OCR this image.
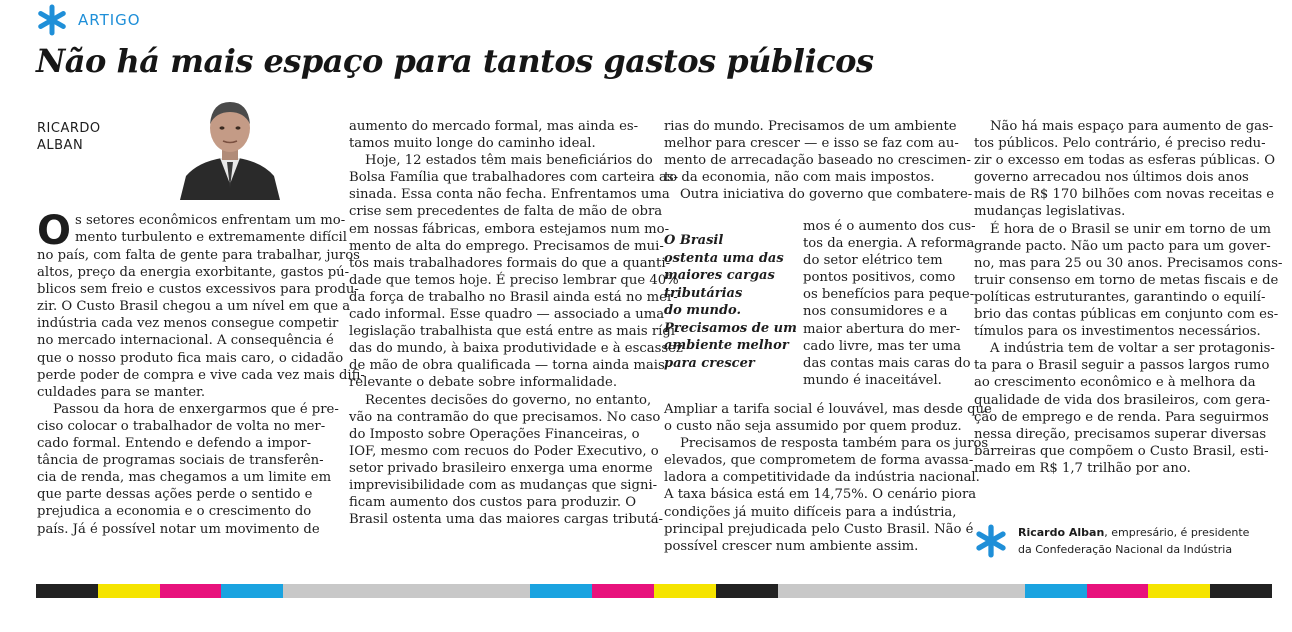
ARTIGO
Não há mais espaço para tantos gastos públicos
RICARDO
ALBAN
O s setores econômicos enfrentam um mo-
mento turbulento e extremamente difícil
no país, com falta de gente para trabalhar, juros
altos, preço da energia exorbitante, gastos pú-
blicos sem freio e custos excessivos para produ-
zir. O Custo Brasil chegou a um nível em que a
indústria cada vez menos consegue competir
no mercado internacional. A consequência é
que o nosso produto fica mais caro, o cidadão
perde poder de compra e vive cada vez mais difi-
culdades para se manter.
Passou da hora de enxergarmos que é pre-
ciso colocar o trabalhador de volta no mer-
cado formal. Entendo e defendo a impor-
tância de programas sociais de transferên-
cia de renda, mas chegamos a um limite em
que parte dessas ações perde o sentido e
prejudica a economia e o crescimento do
país. Já é possível notar um movimento de
aumento do mercado formal, mas ainda es-
tamos muito longe do caminho ideal.
Hoje, 12 estados têm mais beneficiários do
Bolsa Família que trabalhadores com carteira as-
sinada. Essa conta não fecha. Enfrentamos uma
crise sem precedentes de falta de mão de obra
em nossas fábricas, embora estejamos num mo-
mento de alta do emprego. Precisamos de mui-
tos mais trabalhadores formais do que a quanti-
dade que temos hoje. É preciso lembrar que 40%
da força de trabalho no Brasil ainda está no mer-
cado informal. Esse quadro — associado a uma
legislação trabalhista que está entre as mais rígi-
das do mundo, à baixa produtividade e à escassez
de mão de obra qualificada — torna ainda mais
relevante o debate sobre informalidade.
Recentes decisões do governo, no entanto,
vão na contramão do que precisamos. No caso
do Imposto sobre Operações Financeiras, o
IOF, mesmo com recuos do Poder Executivo, o
setor privado brasileiro enxerga uma enorme
imprevisibilidade com as mudanças que signi-
ficam aumento dos custos para produzir. O
Brasil ostenta uma das maiores cargas tributá-
rias do mundo. Precisamos de um ambiente
melhor para crescer — e isso se faz com au-
mento de arrecadação baseado no crescimen-
to da economia, não com mais impostos.
Outra iniciativa do governo que combatere-
O Brasil
ostenta uma das
maiores cargas
tributárias
do mundo.
Precisamos de um
ambiente melhor
para crescer
mos é o aumento dos cus-
tos da energia. A reforma
do setor elétrico tem
pontos positivos, como
os benefícios para peque-
nos consumidores e a
maior abertura do mer-
cado livre, mas ter uma
das contas mais caras do
mundo é inaceitável.
Ampliar a tarifa social é louvável, mas desde que
o custo não seja assumido por quem produz.
Precisamos de resposta também para os juros
elevados, que comprometem de forma avassa-
ladora a competitividade da indústria nacional.
A taxa básica está em 14,75%. O cenário piora
condições já muito difíceis para a indústria,
principal prejudicada pelo Custo Brasil. Não é
possível crescer num ambiente assim.
Não há mais espaço para aumento de gas-
tos públicos. Pelo contrário, é preciso redu-
zir o excesso em todas as esferas públicas. O
governo arrecadou nos últimos dois anos
mais de R$ 170 bilhões com novas receitas e
mudanças legislativas.
É hora de o Brasil se unir em torno de um
grande pacto. Não um pacto para um gover-
no, mas para 25 ou 30 anos. Precisamos cons-
truir consenso em torno de metas fiscais e de
políticas estruturantes, garantindo o equilí-
brio das contas públicas em conjunto com es-
tímulos para os investimentos necessários.
A indústria tem de voltar a ser protagonis-
ta para o Brasil seguir a passos largos rumo
ao crescimento econômico e à melhora da
qualidade de vida dos brasileiros, com gera-
ção de emprego e de renda. Para seguirmos
nessa direção, precisamos superar diversas
barreiras que compõem o Custo Brasil, esti-
mado em R$ 1,7 trilhão por ano.
Ricardo Alban, empresário, é presidente
da Confederação Nacional da Indústria
